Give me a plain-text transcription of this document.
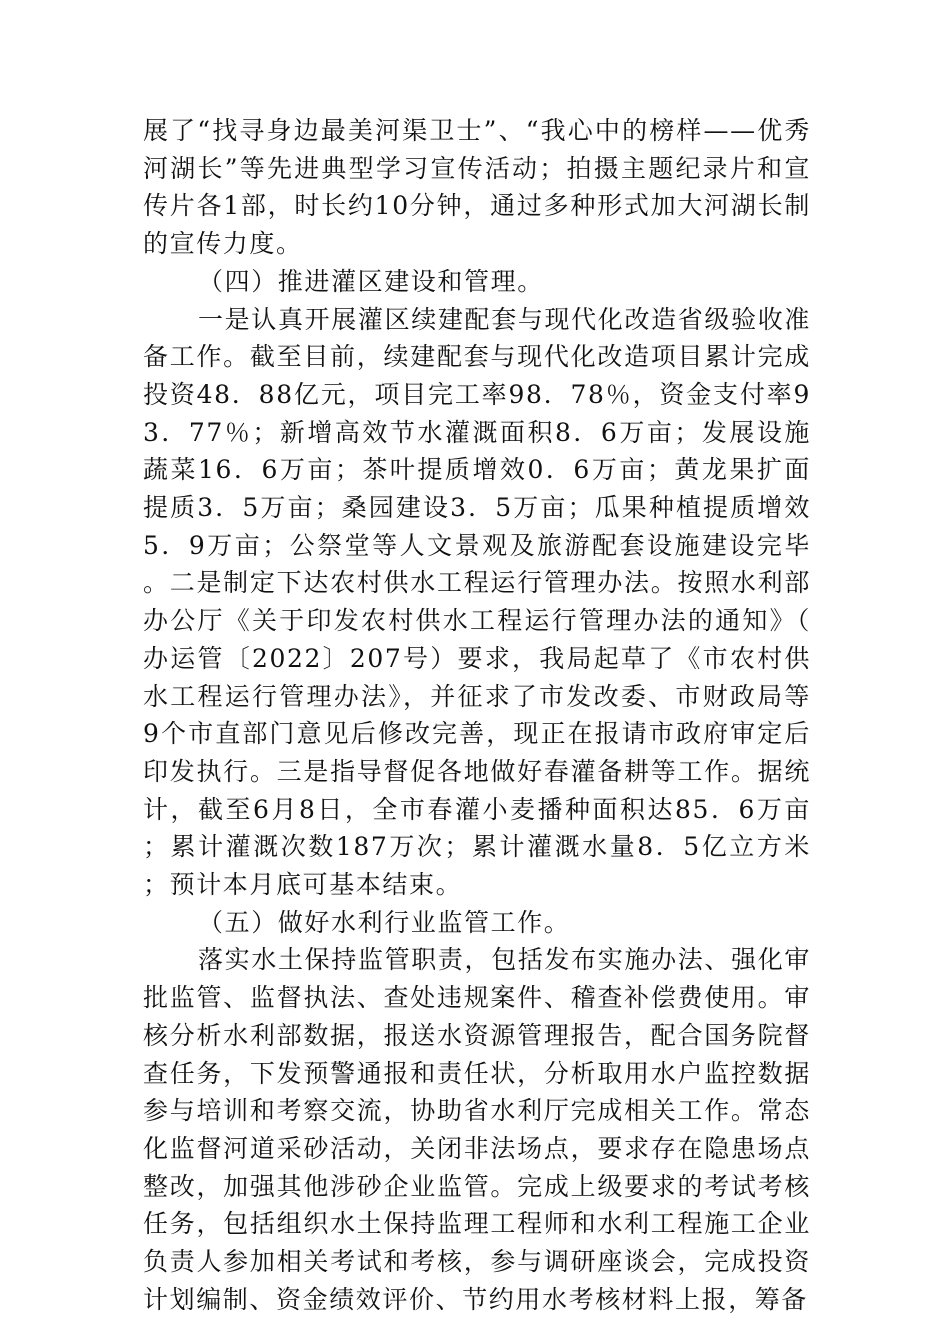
展了“找寻身边最美河渠卫士”、“我心中的榜样——优秀河湖长”等先进典型学习宣传活动；拍摄主题纪录片和宣传片各1部，时长约10分钟，通过多种形式加大河湖长制的宣传力度。

（四）推进灌区建设和管理。

一是认真开展灌区续建配套与现代化改造省级验收准备工作。截至目前，续建配套与现代化改造项目累计完成投资48．88亿元，项目完工率98．78％，资金支付率93．77％；新增高效节水灌溉面积8．6万亩；发展设施蔬菜16．6万亩；茶叶提质增效0．6万亩；黄龙果扩面提质3．5万亩；桑园建设3．5万亩；瓜果种植提质增效5．9万亩；公祭堂等人文景观及旅游配套设施建设完毕。二是制定下达农村供水工程运行管理办法。按照水利部办公厅《关于印发农村供水工程运行管理办法的通知》（办运管〔2022〕207号）要求，我局起草了《市农村供水工程运行管理办法》，并征求了市发改委、市财政局等9个市直部门意见后修改完善，现正在报请市政府审定后印发执行。三是指导督促各地做好春灌备耕等工作。据统计，截至6月8日，全市春灌小麦播种面积达85．6万亩；累计灌溉次数187万次；累计灌溉水量8．5亿立方米；预计本月底可基本结束。

（五）做好水利行业监管工作。

落实水土保持监管职责，包括发布实施办法、强化审批监管、监督执法、查处违规案件、稽查补偿费使用。审核分析水利部数据，报送水资源管理报告，配合国务院督查任务，下发预警通报和责任状，分析取用水户监控数据参与培训和考察交流，协助省水利厅完成相关工作。常态化监督河道采砂活动，关闭非法场点，要求存在隐患场点整改，加强其他涉砂企业监管。完成上级要求的考试考核任务，包括组织水土保持监理工程师和水利工程施工企业负责人参加相关考试和考核，参与调研座谈会，完成投资计划编制、资金绩效评价、节约用水考核材料上报，筹备
